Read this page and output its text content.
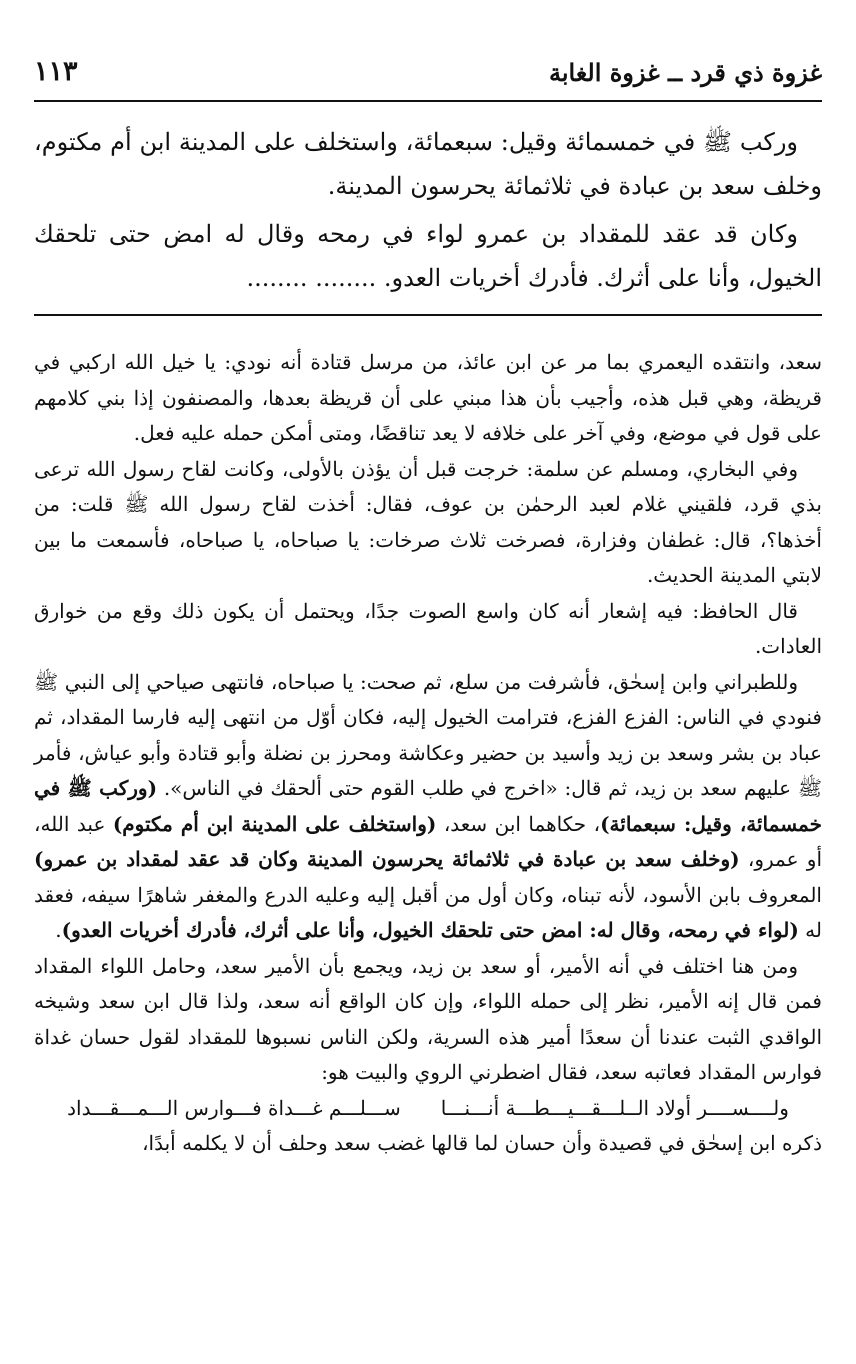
غزوة ذي قرد ــ غزوة الغابة
١١٣

وركب ﷺ في خمسمائة وقيل: سبعمائة، واستخلف على المدينة ابن أم مكتوم، وخلف سعد بن عبادة في ثلاثمائة يحرسون المدينة.

وكان قد عقد للمقداد بن عمرو لواء في رمحه وقال له امض حتى تلحقك الخيول، وأنا على أثرك. فأدرك أخريات العدو. ........ ........

سعد، وانتقده اليعمري بما مر عن ابن عائذ، من مرسل قتادة أنه نودي: يا خيل الله اركبي في قريظة، وهي قبل هذه، وأجيب بأن هذا مبني على أن قريظة بعدها، والمصنفون إذا بني كلامهم على قول في موضع، وفي آخر على خلافه لا يعد تناقضًا، ومتى أمكن حمله عليه فعل.

وفي البخاري، ومسلم عن سلمة: خرجت قبل أن يؤذن بالأولى، وكانت لقاح رسول الله ترعى بذي قرد، فلقيني غلام لعبد الرحمٰن بن عوف، فقال: أخذت لقاح رسول الله ﷺ قلت: من أخذها؟، قال: غطفان وفزارة، فصرخت ثلاث صرخات: يا صباحاه، يا صباحاه، فأسمعت ما بين لابتي المدينة الحديث.

قال الحافظ: فيه إشعار أنه كان واسع الصوت جدًا، ويحتمل أن يكون ذلك وقع من خوارق العادات.

وللطبراني وابن إسحٰق، فأشرفت من سلع، ثم صحت: يا صباحاه، فانتهى صياحي إلى النبي ﷺ فنودي في الناس: الفزع الفزع، فترامت الخيول إليه، فكان أوّل من انتهى إليه فارسا المقداد، ثم عباد بن بشر وسعد بن زيد وأسيد بن حضير وعكاشة ومحرز بن نضلة وأبو قتادة وأبو عياش، فأمر ﷺ عليهم سعد بن زيد، ثم قال: «اخرج في طلب القوم حتى ألحقك في الناس». (وركب ﷺ في خمسمائة، وقيل: سبعمائة)، حكاهما ابن سعد، (واستخلف على المدينة ابن أم مكتوم) عبد الله، أو عمرو، (وخلف سعد بن عبادة في ثلاثمائة يحرسون المدينة وكان قد عقد لمقداد بن عمرو) المعروف بابن الأسود، لأنه تبناه، وكان أول من أقبل إليه وعليه الدرع والمغفر شاهرًا سيفه، فعقد له (لواء في رمحه، وقال له: امض حتى تلحقك الخيول، وأنا على أثرك، فأدرك أخريات العدو).

ومن هنا اختلف في أنه الأمير، أو سعد بن زيد، ويجمع بأن الأمير سعد، وحامل اللواء المقداد فمن قال إنه الأمير، نظر إلى حمله اللواء، وإن كان الواقع أنه سعد، ولذا قال ابن سعد وشيخه الواقدي الثبت عندنا أن سعدًا أمير هذه السرية، ولكن الناس نسبوها للمقداد لقول حسان غداة فوارس المقداد فعاتبه سعد، فقال اضطرني الروي والبيت هو:

ولــــســــر أولاد الــلـــقـــيـــطـــة أنـــنـــا
ســـلـــم غـــداة فـــوارس الـــمـــقـــداد

ذكره ابن إسحٰق في قصيدة وأن حسان لما قالها غضب سعد وحلف أن لا يكلمه أبدًا،
